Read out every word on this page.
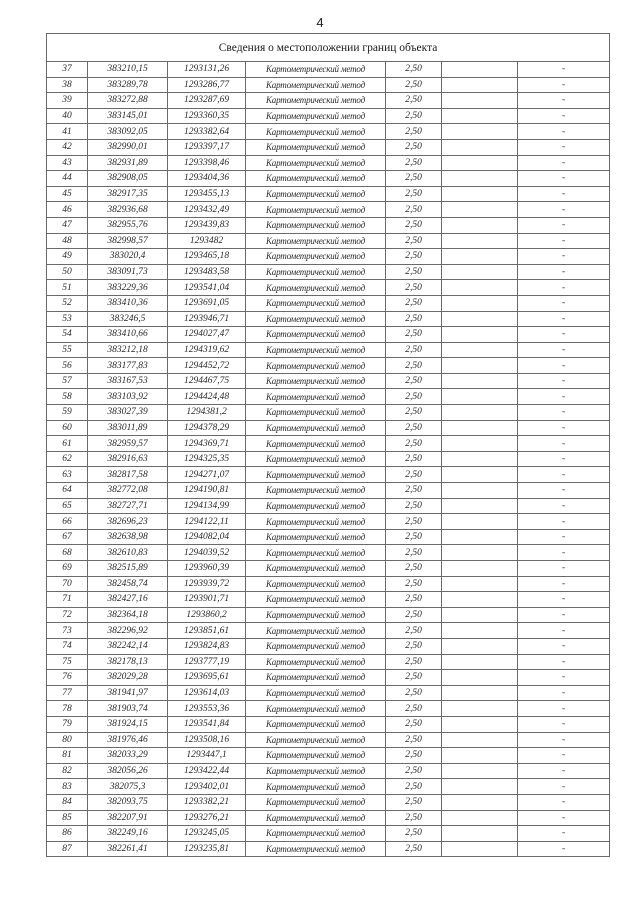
4
Сведения о местоположении границ объекта						
37	383210,15	1293131,26	Картометрический метод	2,50		-
38	383289,78	1293286,77	Картометрический метод	2,50		-
39	383272,88	1293287,69	Картометрический метод	2,50		-
40	383145,01	1293360,35	Картометрический метод	2,50		-
41	383092,05	1293382,64	Картометрический метод	2,50		-
42	382990,01	1293397,17	Картометрический метод	2,50		-
43	382931,89	1293398,46	Картометрический метод	2,50		-
44	382908,05	1293404,36	Картометрический метод	2,50		-
45	382917,35	1293455,13	Картометрический метод	2,50		-
46	382936,68	1293432,49	Картометрический метод	2,50		-
47	382955,76	1293439,83	Картометрический метод	2,50		-
48	382998,57	1293482	Картометрический метод	2,50		-
49	383020,4	1293465,18	Картометрический метод	2,50		-
50	383091,73	1293483,58	Картометрический метод	2,50		-
51	383229,36	1293541,04	Картометрический метод	2,50		-
52	383410,36	1293691,05	Картометрический метод	2,50		-
53	383246,5	1293946,71	Картометрический метод	2,50		-
54	383410,66	1294027,47	Картометрический метод	2,50		-
55	383212,18	1294319,62	Картометрический метод	2,50		-
56	383177,83	1294452,72	Картометрический метод	2,50		-
57	383167,53	1294467,75	Картометрический метод	2,50		-
58	383103,92	1294424,48	Картометрический метод	2,50		-
59	383027,39	1294381,2	Картометрический метод	2,50		-
60	383011,89	1294378,29	Картометрический метод	2,50		-
61	382959,57	1294369,71	Картометрический метод	2,50		-
62	382916,63	1294325,35	Картометрический метод	2,50		-
63	382817,58	1294271,07	Картометрический метод	2,50		-
64	382772,08	1294190,81	Картометрический метод	2,50		-
65	382727,71	1294134,99	Картометрический метод	2,50		-
66	382696,23	1294122,11	Картометрический метод	2,50		-
67	382638,98	1294082,04	Картометрический метод	2,50		-
68	382610,83	1294039,52	Картометрический метод	2,50		-
69	382515,89	1293960,39	Картометрический метод	2,50		-
70	382458,74	1293939,72	Картометрический метод	2,50		-
71	382427,16	1293901,71	Картометрический метод	2,50		-
72	382364,18	1293860,2	Картометрический метод	2,50		-
73	382296,92	1293851,61	Картометрический метод	2,50		-
74	382242,14	1293824,83	Картометрический метод	2,50		-
75	382178,13	1293777,19	Картометрический метод	2,50		-
76	382029,28	1293695,61	Картометрический метод	2,50		-
77	381941,97	1293614,03	Картометрический метод	2,50		-
78	381903,74	1293553,36	Картометрический метод	2,50		-
79	381924,15	1293541,84	Картометрический метод	2,50		-
80	381976,46	1293508,16	Картометрический метод	2,50		-
81	382033,29	1293447,1	Картометрический метод	2,50		-
82	382056,26	1293422,44	Картометрический метод	2,50		-
83	382075,3	1293402,01	Картометрический метод	2,50		-
84	382093,75	1293382,21	Картометрический метод	2,50		-
85	382207,91	1293276,21	Картометрический метод	2,50		-
86	382249,16	1293245,05	Картометрический метод	2,50		-
87	382261,41	1293235,81	Картометрический метод	2,50		-
